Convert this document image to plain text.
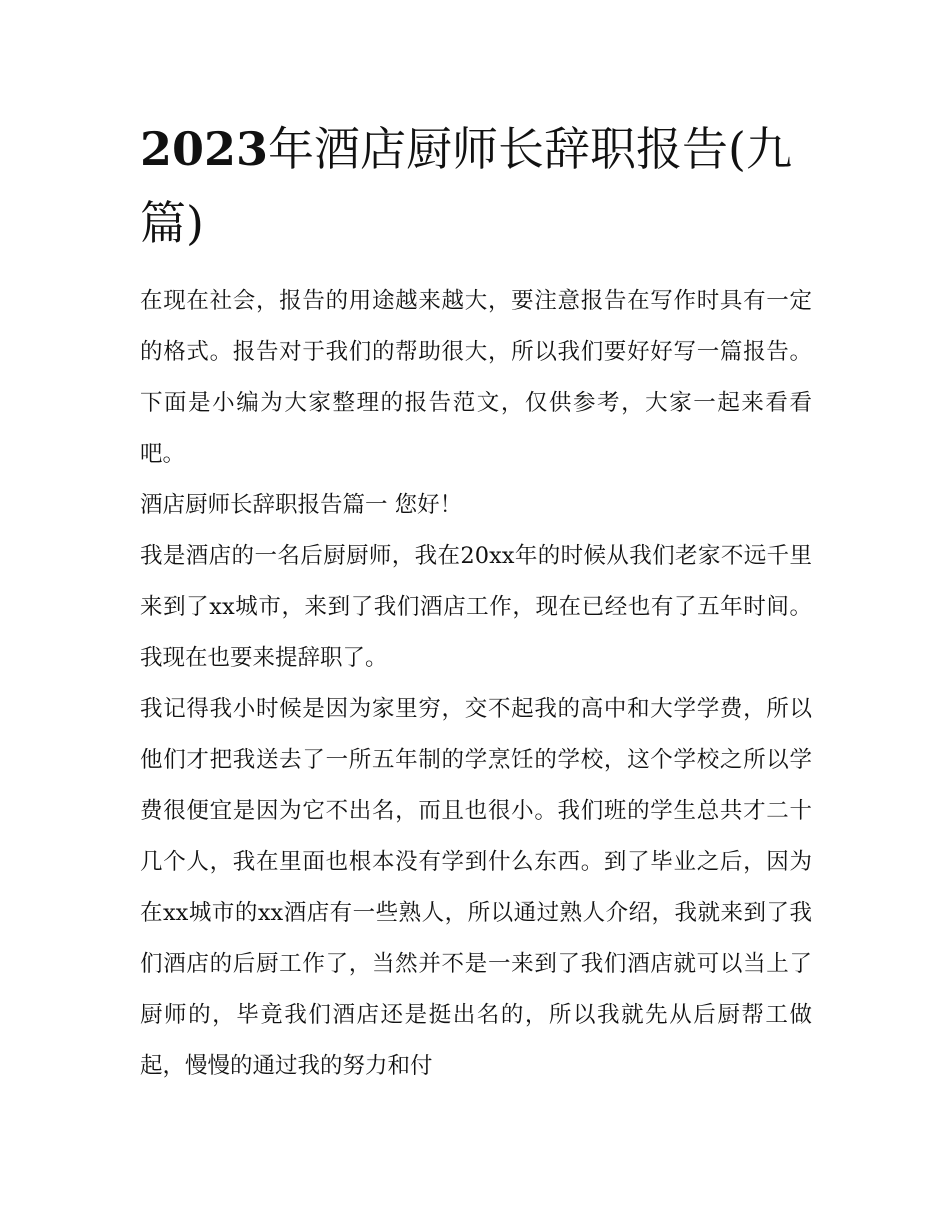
2023年酒店厨师长辞职报告(九篇)

在现在社会，报告的用途越来越大，要注意报告在写作时具有一定的格式。报告对于我们的帮助很大，所以我们要好好写一篇报告。下面是小编为大家整理的报告范文，仅供参考，大家一起来看看吧。

酒店厨师长辞职报告篇一 您好！

我是酒店的一名后厨厨师，我在20xx年的时候从我们老家不远千里来到了xx城市，来到了我们酒店工作，现在已经也有了五年时间。我现在也要来提辞职了。

我记得我小时候是因为家里穷，交不起我的高中和大学学费，所以他们才把我送去了一所五年制的学烹饪的学校，这个学校之所以学费很便宜是因为它不出名，而且也很小。我们班的学生总共才二十几个人，我在里面也根本没有学到什么东西。到了毕业之后，因为在xx城市的xx酒店有一些熟人，所以通过熟人介绍，我就来到了我们酒店的后厨工作了，当然并不是一来到了我们酒店就可以当上了厨师的，毕竟我们酒店还是挺出名的，所以我就先从后厨帮工做起，慢慢的通过我的努力和付
